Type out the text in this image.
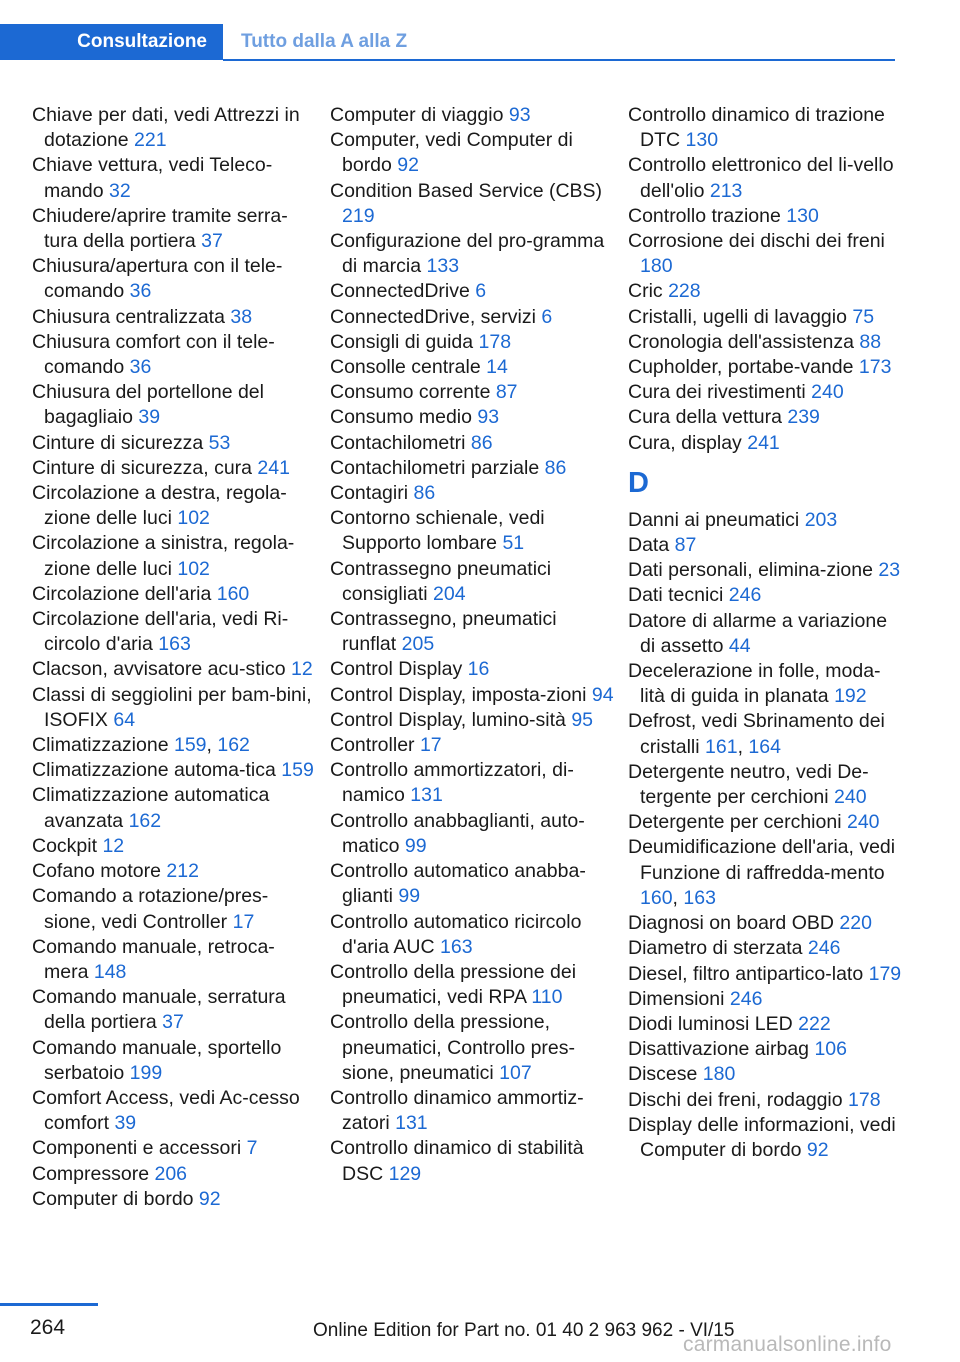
Consultazione	Tutto dalla A alla Z
Chiave per dati, vedi Attrezzi in dotazione 221
Chiave vettura, vedi Teleco-mando 32
Chiudere/aprire tramite serra-tura della portiera 37
Chiusura/apertura con il tele-comando 36
Chiusura centralizzata 38
Chiusura comfort con il tele-comando 36
Chiusura del portellone del bagagliaio 39
Cinture di sicurezza 53
Cinture di sicurezza, cura 241
Circolazione a destra, regola-zione delle luci 102
Circolazione a sinistra, regola-zione delle luci 102
Circolazione dell'aria 160
Circolazione dell'aria, vedi Ri-circolo d'aria 163
Clacson, avvisatore acu-stico 12
Classi di seggiolini per bam-bini, ISOFIX 64
Climatizzazione 159, 162
Climatizzazione automa-tica 159
Climatizzazione automatica avanzata 162
Cockpit 12
Cofano motore 212
Comando a rotazione/pres-sione, vedi Controller 17
Comando manuale, retroca-mera 148
Comando manuale, serratura della portiera 37
Comando manuale, sportello serbatoio 199
Comfort Access, vedi Ac-cesso comfort 39
Componenti e accessori 7
Compressore 206
Computer di bordo 92
Computer di viaggio 93
Computer, vedi Computer di bordo 92
Condition Based Service (CBS) 219
Configurazione del pro-gramma di marcia 133
ConnectedDrive 6
ConnectedDrive, servizi 6
Consigli di guida 178
Consolle centrale 14
Consumo corrente 87
Consumo medio 93
Contachilometri 86
Contachilometri parziale 86
Contagiri 86
Contorno schienale, vedi Supporto lombare 51
Contrassegno pneumatici consigliati 204
Contrassegno, pneumatici runflat 205
Control Display 16
Control Display, imposta-zioni 94
Control Display, lumino-sità 95
Controller 17
Controllo ammortizzatori, di-namico 131
Controllo anabbaglianti, auto-matico 99
Controllo automatico anabba-glianti 99
Controllo automatico ricircolo d'aria AUC 163
Controllo della pressione dei pneumatici, vedi RPA 110
Controllo della pressione, pneumatici, Controllo pres-sione, pneumatici 107
Controllo dinamico ammortiz-zatori 131
Controllo dinamico di stabilità DSC 129
Controllo dinamico di trazione DTC 130
Controllo elettronico del li-vello dell'olio 213
Controllo trazione 130
Corrosione dei dischi dei freni 180
Cric 228
Cristalli, ugelli di lavaggio 75
Cronologia dell'assistenza 88
Cupholder, portabe-vande 173
Cura dei rivestimenti 240
Cura della vettura 239
Cura, display 241
D
Danni ai pneumatici 203
Data 87
Dati personali, elimina-zione 23
Dati tecnici 246
Datore di allarme a variazione di assetto 44
Decelerazione in folle, moda-lità di guida in planata 192
Defrost, vedi Sbrinamento dei cristalli 161, 164
Detergente neutro, vedi De-tergente per cerchioni 240
Detergente per cerchioni 240
Deumidificazione dell'aria, vedi Funzione di raffredda-mento 160, 163
Diagnosi on board OBD 220
Diametro di sterzata 246
Diesel, filtro antipartico-lato 179
Dimensioni 246
Diodi luminosi LED 222
Disattivazione airbag 106
Discese 180
Dischi dei freni, rodaggio 178
Display delle informazioni, vedi Computer di bordo 92
264	Online Edition for Part no. 01 40 2 963 962 - VI/15
carmanualsonline.info
